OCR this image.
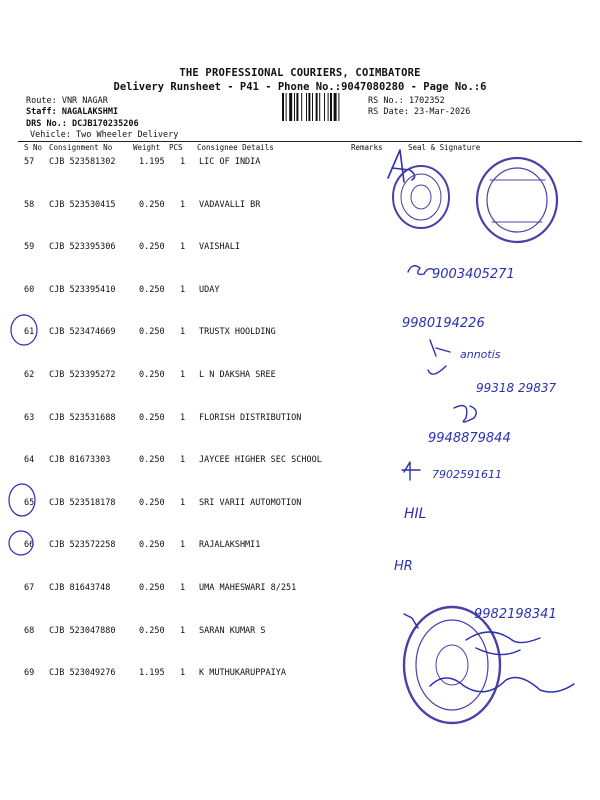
THE PROFESSIONAL COURIERS, COIMBATORE
Delivery Runsheet - P41 - Phone No.:9047080280 - Page No.:6
Route: VNR NAGAR
Staff: NAGALAKSHMI
DRS No.: DCJB170235206
Vehicle: Two Wheeler Delivery
RS No.: 1702352
RS Date: 23-Mar-2026
S No Consignment No	Weight PCS Consignee Details	Remarks	Seal & Signature
57 CJB 523581302	1.195 1 LIC OF INDIA
58 CJB 523530415	0.250 1 VADAVALLI BR
59 CJB 523395306	0.250 1 VAISHALI
60 CJB 523395410	0.250 1 UDAY
61 CJB 523474669	0.250 1 TRUSTX HOOLDING
62 CJB 523395272	0.250 1 L N DAKSHA SREE
63 CJB 523531688	0.250 1 FLORISH DISTRIBUTION
64 CJB 81673303	0.250 1 JAYCEE HIGHER SEC SCHOOL
65 CJB 523518178	0.250 1 SRI VARII AUTOMOTION
66 CJB 523572258	0.250 1 RAJALAKSHMI1
67 CJB 81643748	0.250 1 UMA MAHESWARI 8/251
68 CJB 523047880	0.250 1 SARAN KUMAR S
69 CJB 523049276	1.195 1 K MUTHUKARUPPAIYA
9003405271
9980194226
annotis
99318 29837
9948879844
7902591611
HIL
HR
9982198341
